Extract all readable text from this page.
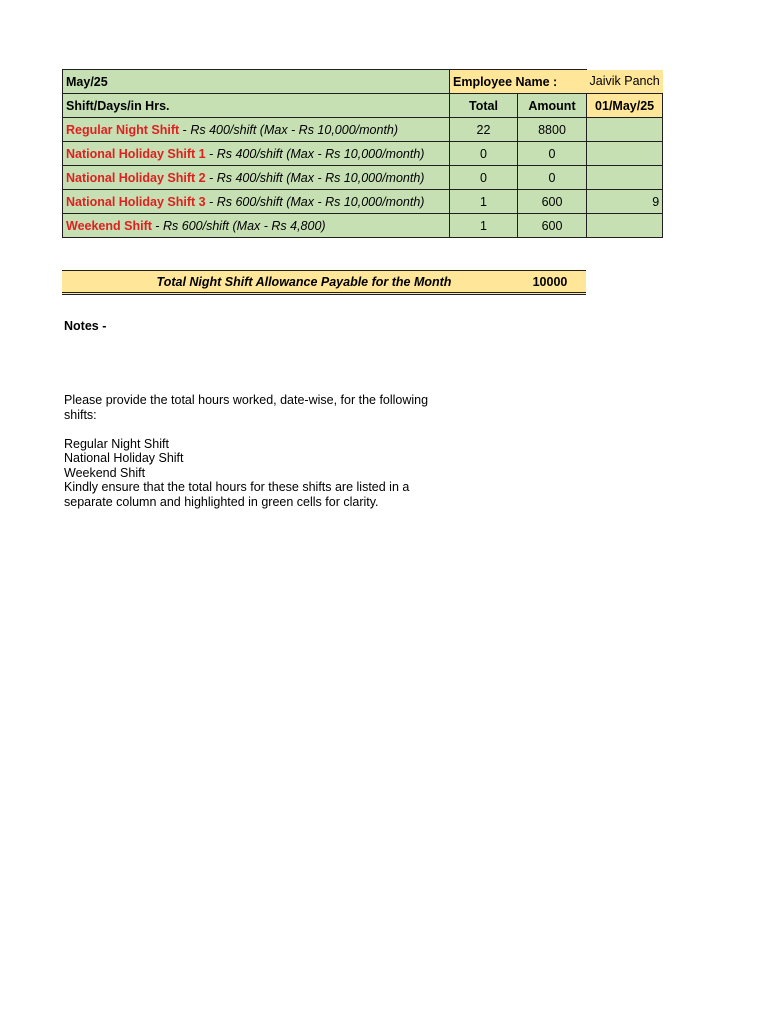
May/25	Employee Name :		Jaivik Panch
Shift/Days/in Hrs.	Total	Amount	01/May/25
Regular Night Shift - Rs 400/shift (Max - Rs 10,000/month)	22	8800	
National Holiday Shift 1 - Rs 400/shift (Max - Rs 10,000/month)	0	0	
National Holiday Shift 2 - Rs 400/shift (Max - Rs 10,000/month)	0	0	
National Holiday Shift 3 - Rs 600/shift (Max - Rs 10,000/month)	1	600	9
Weekend Shift - Rs 600/shift (Max - Rs 4,800)	1	600	
Total Night Shift Allowance Payable for the Month	10000
Notes -
Please provide the total hours worked, date-wise, for the following shifts:
Regular Night Shift
National Holiday Shift
Weekend Shift
Kindly ensure that the total hours for these shifts are listed in a separate column and highlighted in green cells for clarity.
